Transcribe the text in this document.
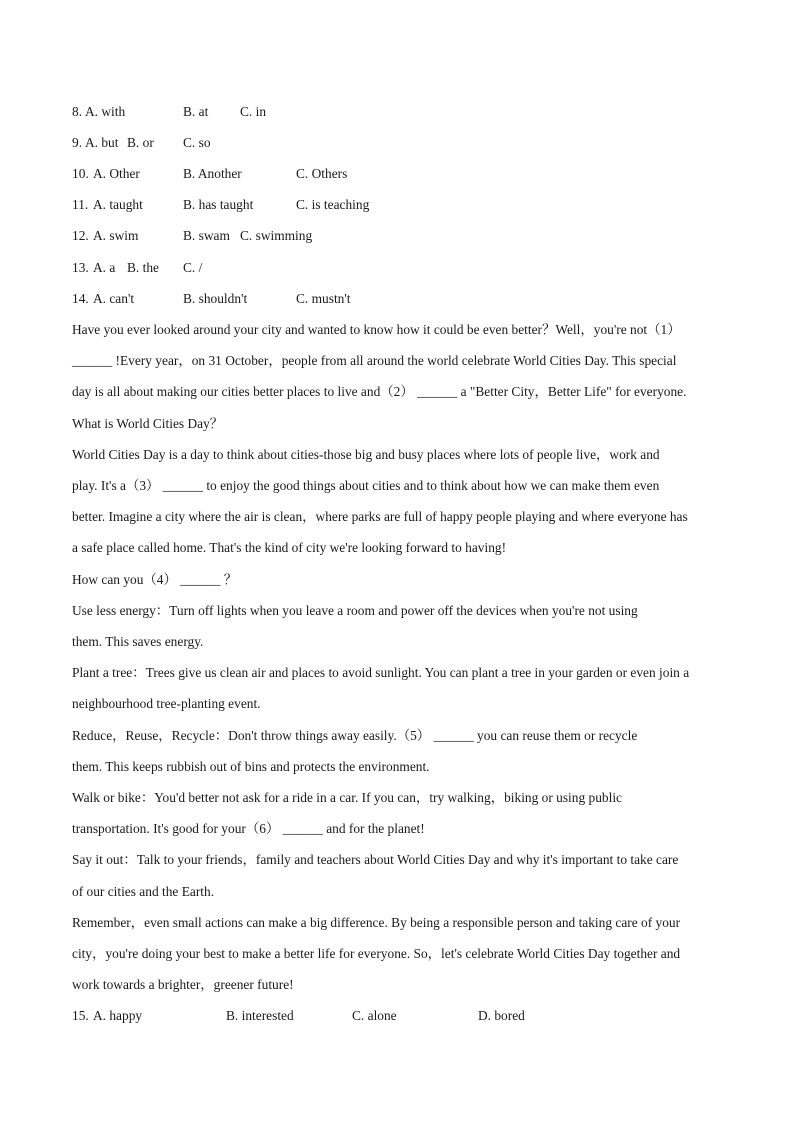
8. A. with	B. at C. in
9. A. but B. or C. so
10. A. Other	B. Another	C. Others
11. A. taught	B. has taught	C. is teaching
12. A. swim	B. swam C. swimming
13. A. a B. the C. /
14. A. can't	B. shouldn't	C. mustn't
Have you ever looked around your city and wanted to know how it could be even better？Well，you're not（1）
______ !Every year，on 31 October，people from all around the world celebrate World Cities Day. This special
day is all about making our cities better places to live and（2） ______ a "Better City，Better Life" for everyone.
What is World Cities Day？
World Cities Day is a day to think about cities-those big and busy places where lots of people live，work and
play. It's a（3） ______ to enjoy the good things about cities and to think about how we can make them even
better. Imagine a city where the air is clean，where parks are full of happy people playing and where everyone has
a safe place called home. That's the kind of city we're looking forward to having!
How can you（4） ______ ？
Use less energy：Turn off lights when you leave a room and power off the devices when you're not using
them. This saves energy.
Plant a tree：Trees give us clean air and places to avoid sunlight. You can plant a tree in your garden or even join a
neighbourhood tree-planting event.
Reduce，Reuse，Recycle：Don't throw things away easily.（5） ______ you can reuse them or recycle
them. This keeps rubbish out of bins and protects the environment.
Walk or bike：You'd better not ask for a ride in a car. If you can，try walking，biking or using public
transportation. It's good for your（6） ______ and for the planet!
Say it out：Talk to your friends，family and teachers about World Cities Day and why it's important to take care
of our cities and the Earth.
Remember，even small actions can make a big difference. By being a responsible person and taking care of your
city，you're doing your best to make a better life for everyone. So，let's celebrate World Cities Day together and
work towards a brighter，greener future!
15. A. happy	B. interested	C. alone	D. bored
